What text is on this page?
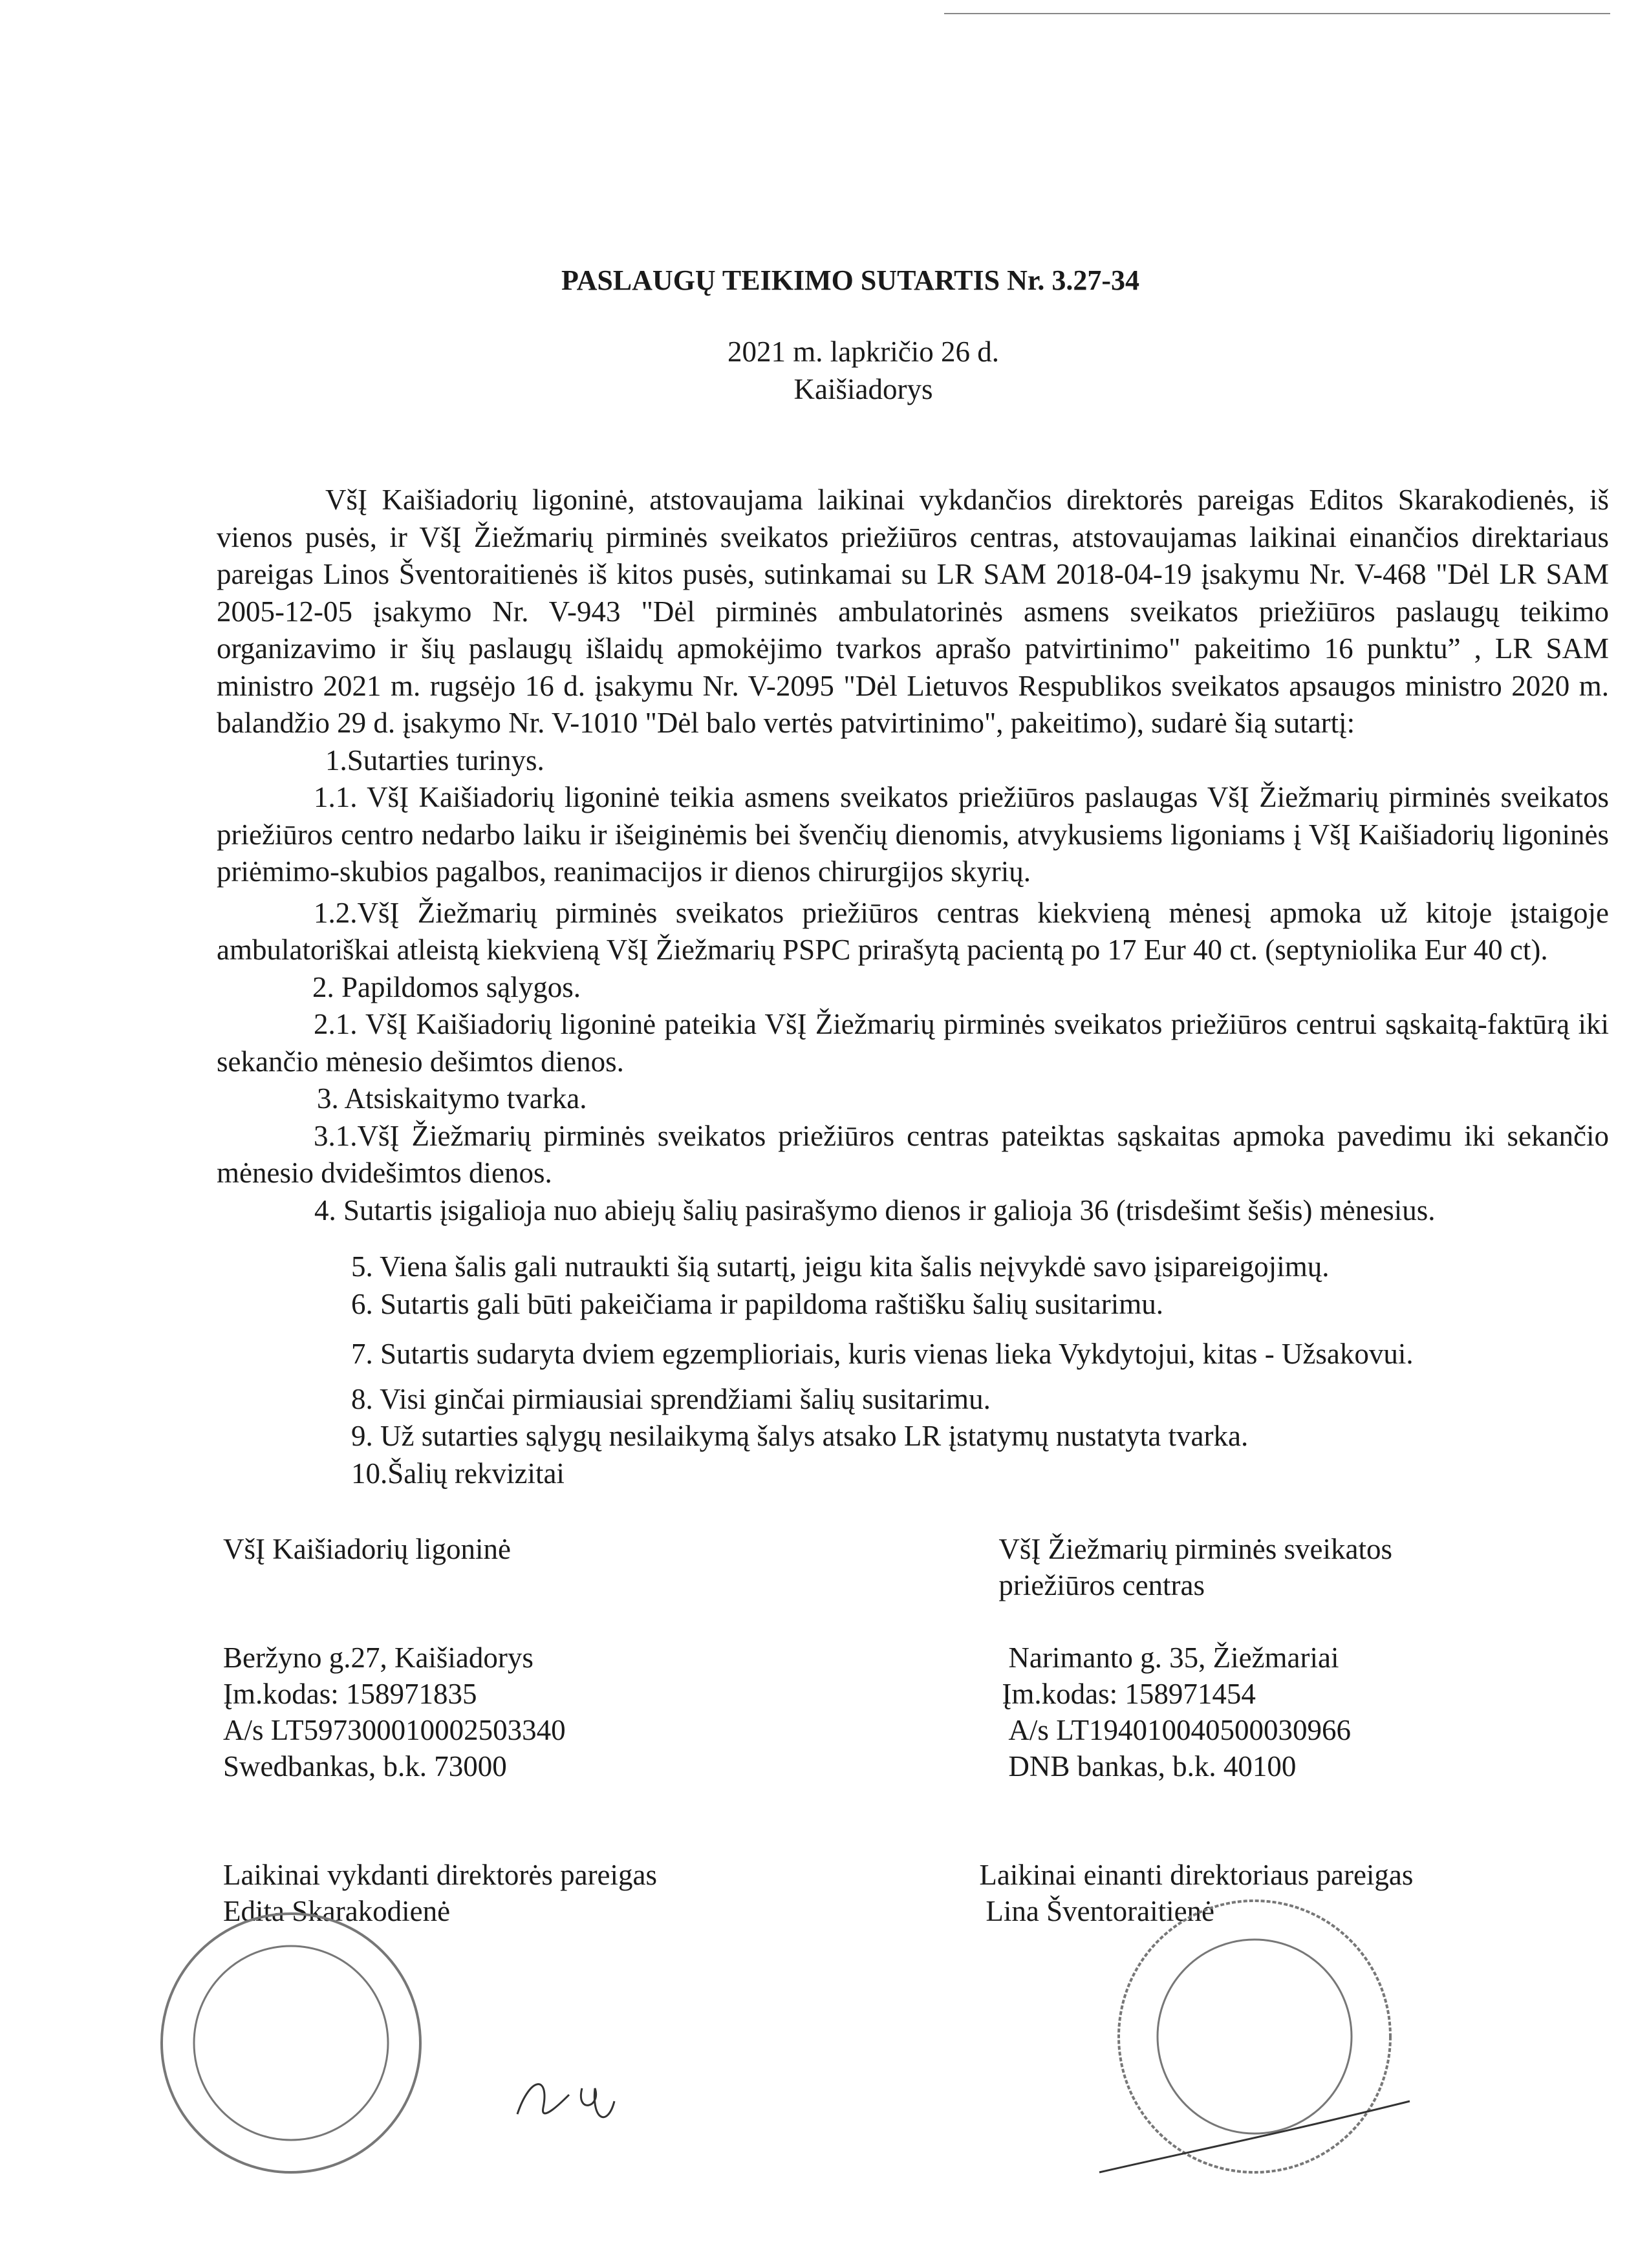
PASLAUGŲ TEIKIMO SUTARTIS Nr. 3.27-34
2021 m. lapkričio 26 d.
Kaišiadorys

VšĮ Kaišiadorių ligoninė, atstovaujama laikinai vykdančios direktorės pareigas Editos Skarakodienės, iš vienos pusės, ir VšĮ Žiežmarių pirminės sveikatos priežiūros centras, atstovaujamas laikinai einančios direktariaus pareigas Linos Šventoraitienės iš kitos pusės, sutinkamai su LR SAM 2018-04-19 įsakymu Nr. V-468 "Dėl LR SAM 2005-12-05 įsakymo Nr. V-943 "Dėl pirminės ambulatorinės asmens sveikatos priežiūros paslaugų teikimo organizavimo ir šių paslaugų išlaidų apmokėjimo tvarkos aprašo patvirtinimo" pakeitimo 16 punktu” , LR SAM ministro 2021 m. rugsėjo 16 d. įsakymu Nr. V-2095 "Dėl Lietuvos Respublikos sveikatos apsaugos ministro 2020 m. balandžio 29 d. įsakymo Nr. V-1010 "Dėl balo vertės patvirtinimo", pakeitimo), sudarė šią sutartį:

1.Sutarties turinys.

1.1. VšĮ Kaišiadorių ligoninė teikia asmens sveikatos priežiūros paslaugas VšĮ Žiežmarių pirminės sveikatos priežiūros centro nedarbo laiku ir išeiginėmis bei švenčių dienomis, atvykusiems ligoniams į VšĮ Kaišiadorių ligoninės priėmimo-skubios pagalbos, reanimacijos ir dienos chirurgijos skyrių.

1.2.VšĮ Žiežmarių pirminės sveikatos priežiūros centras kiekvieną mėnesį apmoka už kitoje įstaigoje ambulatoriškai atleistą kiekvieną VšĮ Žiežmarių PSPC prirašytą pacientą po 17 Eur 40 ct. (septyniolika Eur 40 ct).

2. Papildomos sąlygos.

2.1. VšĮ Kaišiadorių ligoninė pateikia VšĮ Žiežmarių pirminės sveikatos priežiūros centrui sąskaitą-faktūrą iki sekančio mėnesio dešimtos dienos.

3. Atsiskaitymo tvarka.

3.1.VšĮ Žiežmarių pirminės sveikatos priežiūros centras pateiktas sąskaitas apmoka pavedimu iki sekančio mėnesio dvidešimtos dienos.

4. Sutartis įsigalioja nuo abiejų šalių pasirašymo dienos ir galioja 36 (trisdešimt šešis) mėnesius.

5. Viena šalis gali nutraukti šią sutartį, jeigu kita šalis neįvykdė savo įsipareigojimų.

6. Sutartis gali būti pakeičiama ir papildoma raštišku šalių susitarimu.

7. Sutartis sudaryta dviem egzemplioriais, kuris vienas lieka Vykdytojui, kitas - Užsakovui.

8. Visi ginčai pirmiausiai sprendžiami šalių susitarimu.

9. Už sutarties sąlygų nesilaikymą šalys atsako LR įstatymų nustatyta tvarka.

10.Šalių rekvizitai

VšĮ Kaišiadorių ligoninė
Beržyno g.27, Kaišiadorys
Įm.kodas: 158971835
A/s LT597300010002503340
Swedbankas, b.k. 73000
Laikinai vykdanti direktorės pareigas
Edita Skarakodienė
VšĮ Žiežmarių pirminės sveikatos
priežiūros centras
Narimanto g. 35, Žiežmariai
Įm.kodas: 158971454
A/s LT194010040500030966
DNB bankas, b.k. 40100
Laikinai einanti direktoriaus pareigas
Lina Šventoraitienė
